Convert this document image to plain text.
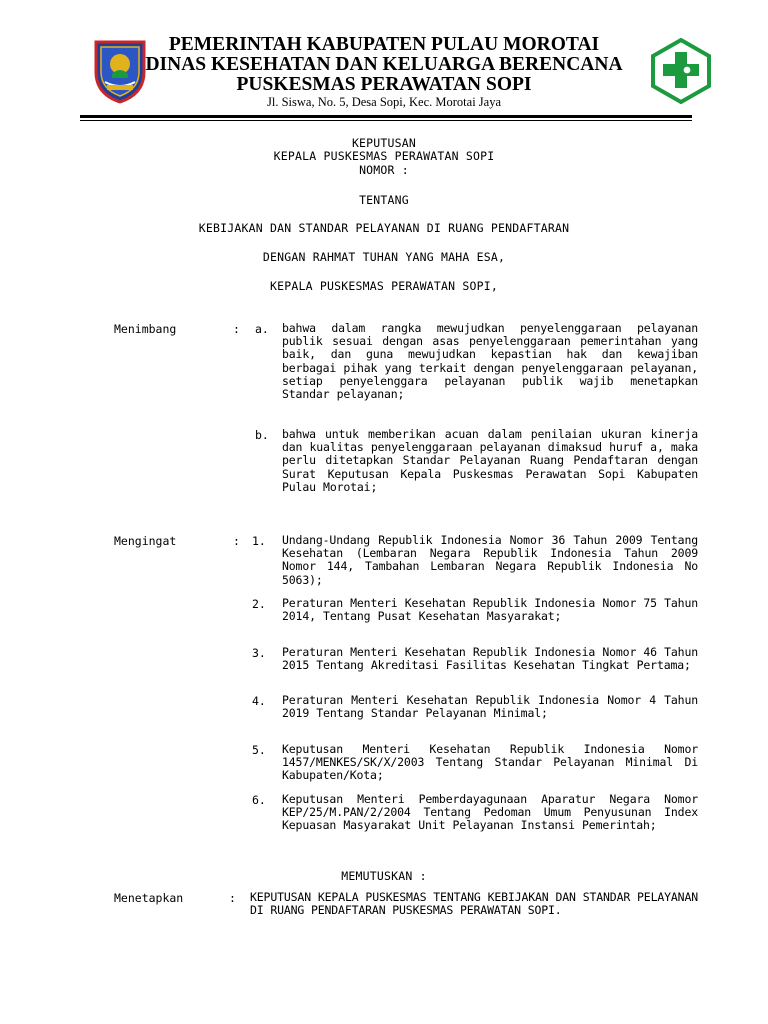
PEMERINTAH KABUPATEN PULAU MOROTAI
DINAS KESEHATAN DAN KELUARGA BERENCANA
PUSKESMAS PERAWATAN SOPI
Jl. Siswa, No. 5, Desa Sopi, Kec. Morotai Jaya
KEPUTUSAN
KEPALA PUSKESMAS PERAWATAN SOPI
NOMOR :
TENTANG
KEBIJAKAN DAN STANDAR PELAYANAN DI RUANG PENDAFTARAN
DENGAN RAHMAT TUHAN YANG MAHA ESA,
KEPALA PUSKESMAS PERAWATAN SOPI,
Menimbang	: a. bahwa dalam rangka mewujudkan penyelenggaraan pelayanan publik sesuai dengan asas penyelenggaraan pemerintahan yang baik, dan guna mewujudkan kepastian hak dan kewajiban berbagai pihak yang terkait dengan penyelenggaraan pelayanan, setiap penyelenggara pelayanan publik wajib menetapkan Standar pelayanan;
b. bahwa untuk memberikan acuan dalam penilaian ukuran kinerja dan kualitas penyelenggaraan pelayanan dimaksud huruf a, maka perlu ditetapkan Standar Pelayanan Ruang Pendaftaran dengan Surat Keputusan Kepala Puskesmas Perawatan Sopi Kabupaten Pulau Morotai;
Mengingat	: 1. Undang-Undang Republik Indonesia Nomor 36 Tahun 2009 Tentang Kesehatan (Lembaran Negara Republik Indonesia Tahun 2009 Nomor 144, Tambahan Lembaran Negara Republik Indonesia No 5063);
2. Peraturan Menteri Kesehatan Republik Indonesia Nomor 75 Tahun 2014, Tentang Pusat Kesehatan Masyarakat;
3. Peraturan Menteri Kesehatan Republik Indonesia Nomor 46 Tahun 2015 Tentang Akreditasi Fasilitas Kesehatan Tingkat Pertama;
4. Peraturan Menteri Kesehatan Republik Indonesia Nomor 4 Tahun 2019 Tentang Standar Pelayanan Minimal;
5. Keputusan Menteri Kesehatan Republik Indonesia Nomor 1457/MENKES/SK/X/2003 Tentang Standar Pelayanan Minimal Di Kabupaten/Kota;
6. Keputusan Menteri Pemberdayagunaan Aparatur Negara Nomor KEP/25/M.PAN/2/2004 Tentang Pedoman Umum Penyusunan Index Kepuasan Masyarakat Unit Pelayanan Instansi Pemerintah;
MEMUTUSKAN :
Menetapkan	: KEPUTUSAN KEPALA PUSKESMAS TENTANG KEBIJAKAN DAN STANDAR PELAYANAN DI RUANG PENDAFTARAN PUSKESMAS PERAWATAN SOPI.
